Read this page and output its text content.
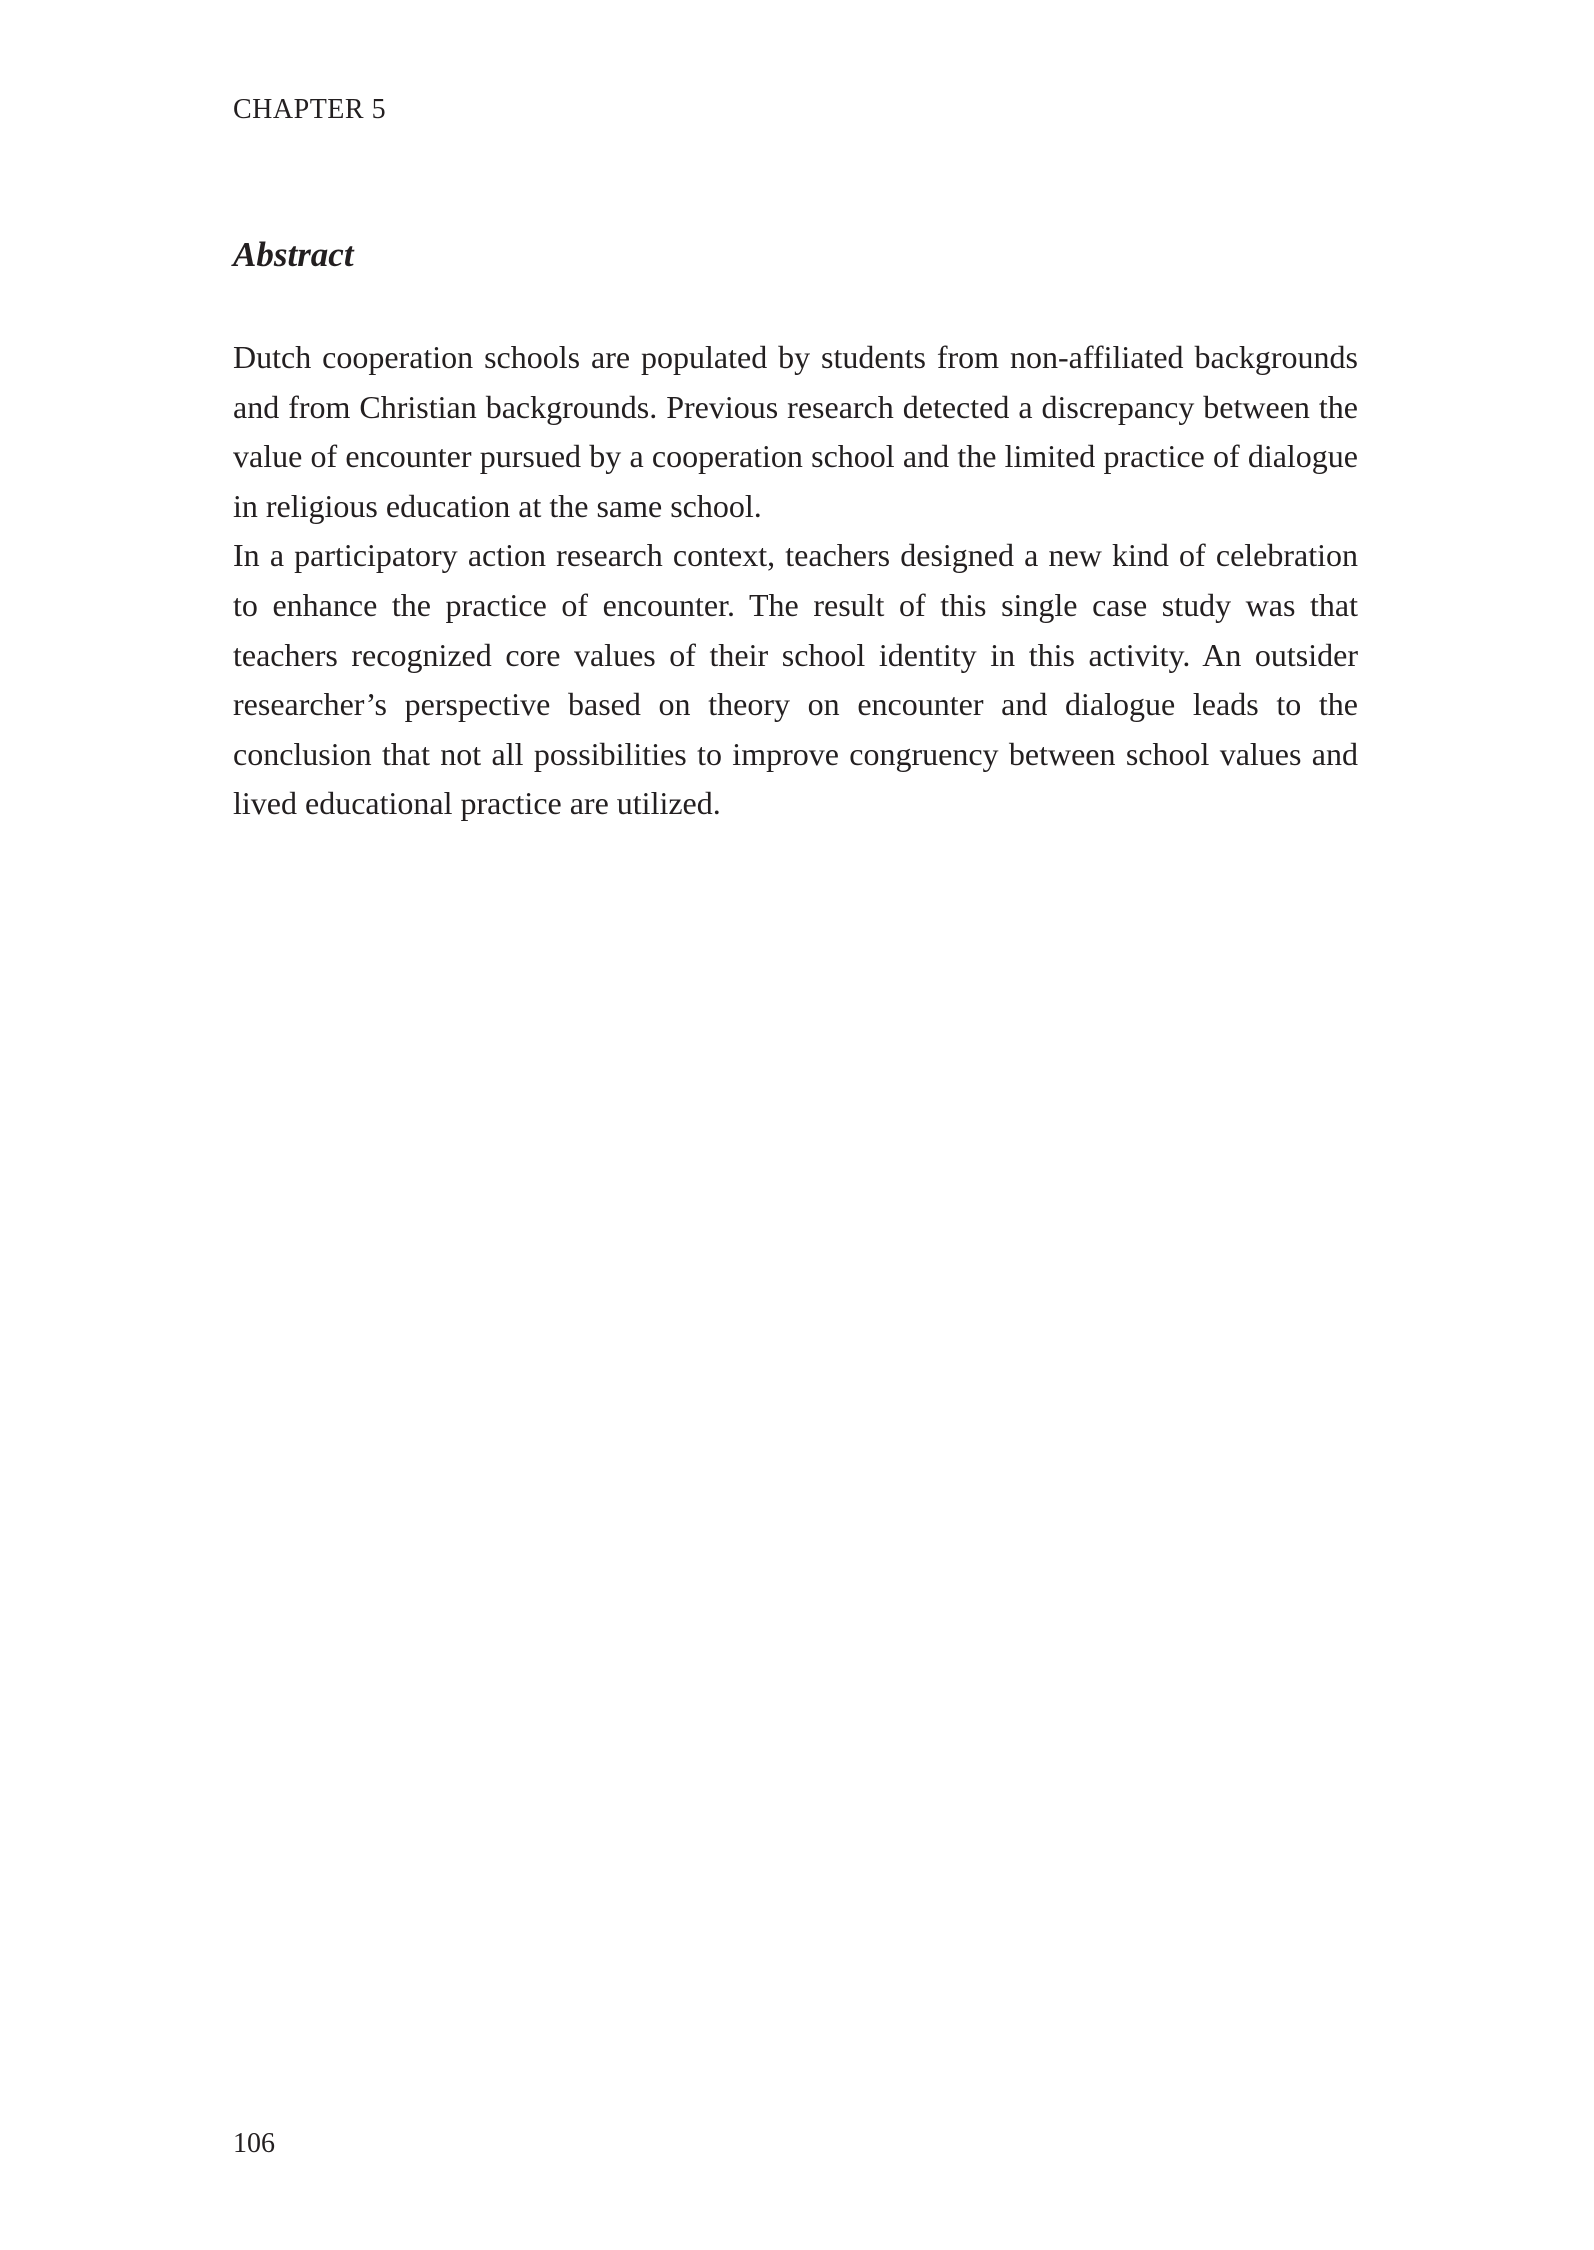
CHAPTER 5
Abstract

Dutch cooperation schools are populated by students from non-affiliated backgrounds and from Christian backgrounds. Previous research detected a discrepancy between the value of encounter pursued by a cooperation school and the limited practice of dialogue in religious education at the same school.

In a participatory action research context, teachers designed a new kind of celebration to enhance the practice of encounter. The result of this single case study was that teachers recognized core values of their school identity in this activity. An outsider researcher’s perspective based on theory on encounter and dialogue leads to the conclusion that not all possibilities to improve congruency between school values and lived educational practice are utilized.

106
